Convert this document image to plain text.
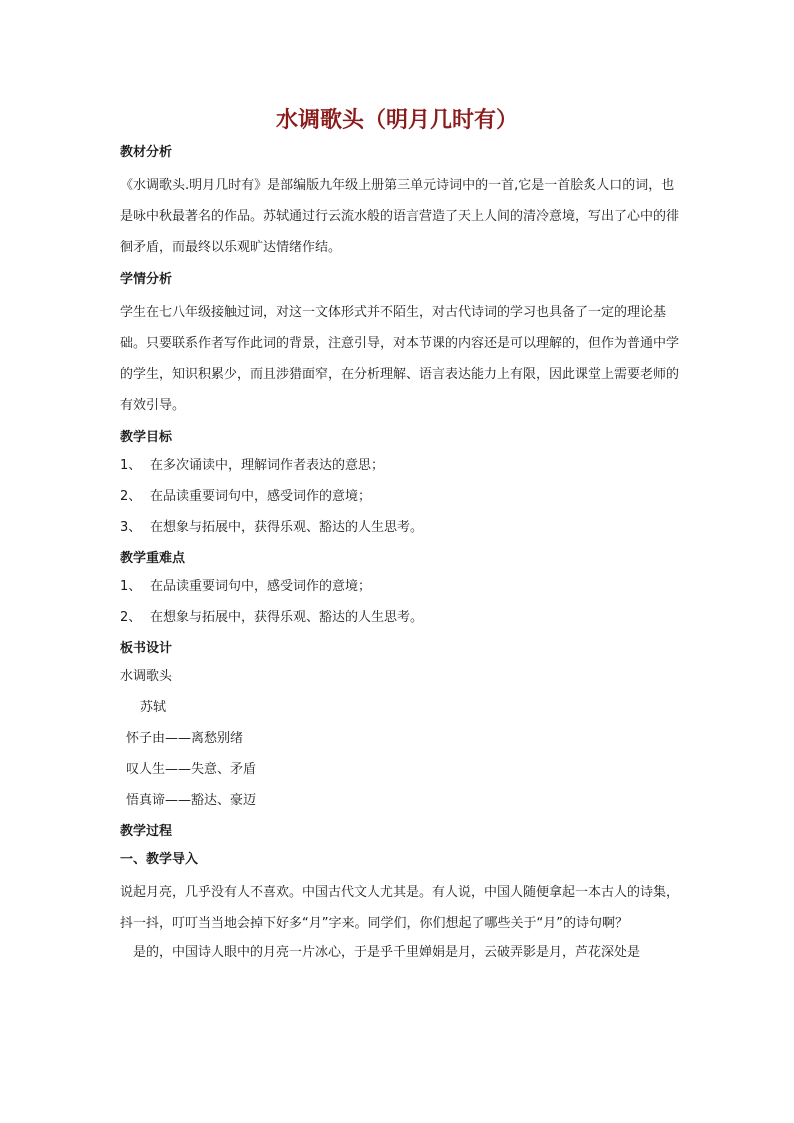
水调歌头（明月几时有）
教材分析
《水调歌头.明月几时有》是部编版九年级上册第三单元诗词中的一首,它是一首脍炙人口的词，也是咏中秋最著名的作品。苏轼通过行云流水般的语言营造了天上人间的清冷意境，写出了心中的徘徊矛盾，而最终以乐观旷达情绪作结。
学情分析
学生在七八年级接触过词，对这一文体形式并不陌生，对古代诗词的学习也具备了一定的理论基础。只要联系作者写作此词的背景，注意引导，对本节课的内容还是可以理解的，但作为普通中学的学生，知识积累少，而且涉猎面窄，在分析理解、语言表达能力上有限，因此课堂上需要老师的有效引导。
教学目标
1、 在多次诵读中，理解词作者表达的意思；
2、 在品读重要词句中，感受词作的意境；
3、 在想象与拓展中，获得乐观、豁达的人生思考。
教学重难点
1、 在品读重要词句中，感受词作的意境；
2、 在想象与拓展中，获得乐观、豁达的人生思考。
板书设计
水调歌头
苏轼
怀子由——离愁别绪
叹人生——失意、矛盾
悟真谛——豁达、豪迈
教学过程
一、教学导入
说起月亮，几乎没有人不喜欢。中国古代文人尤其是。有人说，中国人随便拿起一本古人的诗集，抖一抖，叮叮当当地会掉下好多“月”字来。同学们，你们想起了哪些关于“月”的诗句啊？
是的，中国诗人眼中的月亮一片冰心，于是乎千里婵娟是月，云破弄影是月，芦花深处是
